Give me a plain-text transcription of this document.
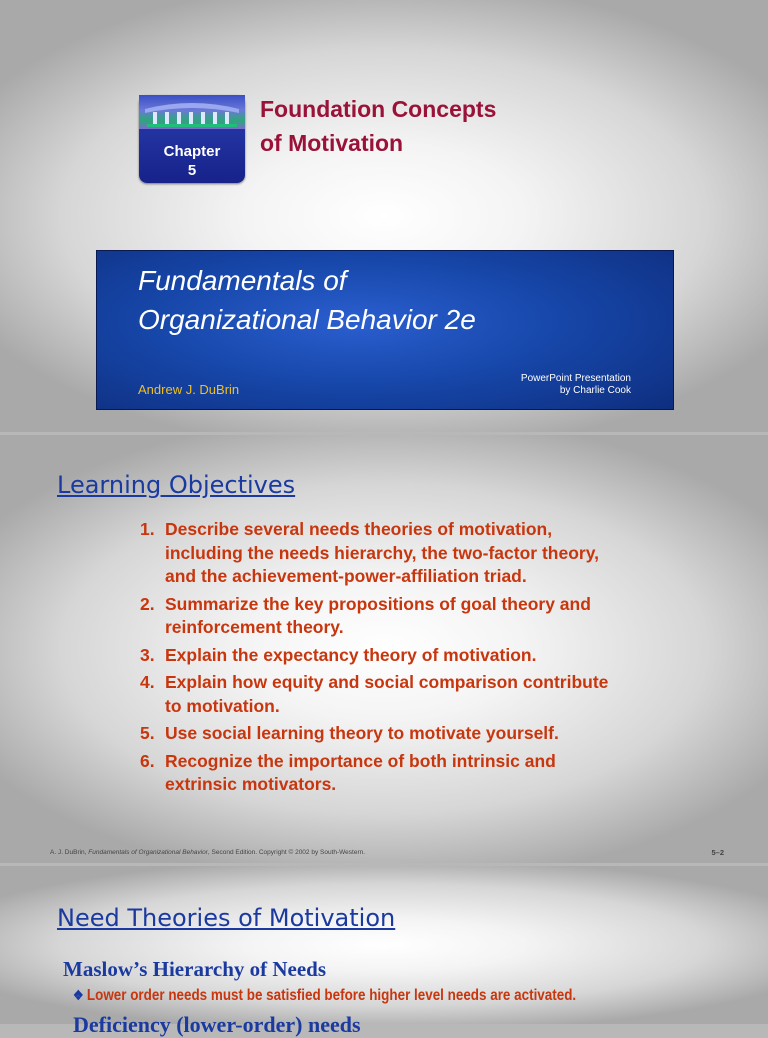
Chapter
5
Foundation Concepts
of Motivation
Fundamentals of
Organizational Behavior 2e
Andrew J. DuBrin
PowerPoint Presentation
by Charlie Cook
Learning Objectives
1. Describe several needs theories of motivation, including the needs hierarchy, the two-factor theory, and the achievement-power-affiliation triad.
2. Summarize the key propositions of goal theory and reinforcement theory.
3. Explain the expectancy theory of motivation.
4. Explain how equity and social comparison contribute to motivation.
5. Use social learning theory to motivate yourself.
6. Recognize the importance of both intrinsic and extrinsic motivators.
A. J. DuBrin, Fundamentals of Organizational Behavior, Second Edition. Copyright © 2002 by South-Western.	5–2
Need Theories of Motivation
Maslow’s Hierarchy of Needs
❖ Lower order needs must be satisfied before higher level needs are activated.
Deficiency (lower-order) needs
